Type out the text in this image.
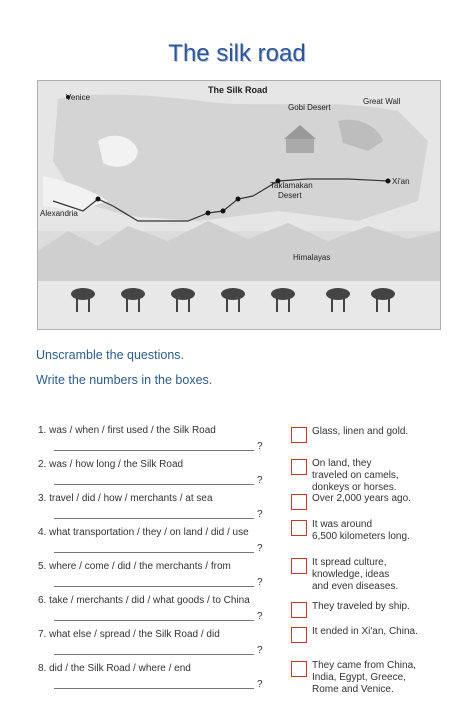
The silk road
The Silk Road
Venice
Gobi Desert
Great Wall
Taklamakan
Desert
Xi'an
Alexandria
Himalayas
Unscramble the questions.
Write the numbers in the boxes.
1. was / when / first used / the Silk Road
?
2. was / how long / the Silk Road
?
3. travel / did / how / merchants / at sea
?
4. what transportation / they / on land / did / use
?
5. where / come / did / the merchants / from
?
6. take / merchants / did / what goods / to China
?
7. what else / spread / the Silk Road / did
?
8. did / the Silk Road / where / end
?
Glass, linen and gold.
On land, they
traveled on camels,
donkeys or horses.
Over 2,000 years ago.
It was around
6,500 kilometers long.
It spread culture,
knowledge, ideas
and even diseases.
They traveled by ship.
It ended in Xi'an, China.
They came from China,
India, Egypt, Greece,
Rome and Venice.
